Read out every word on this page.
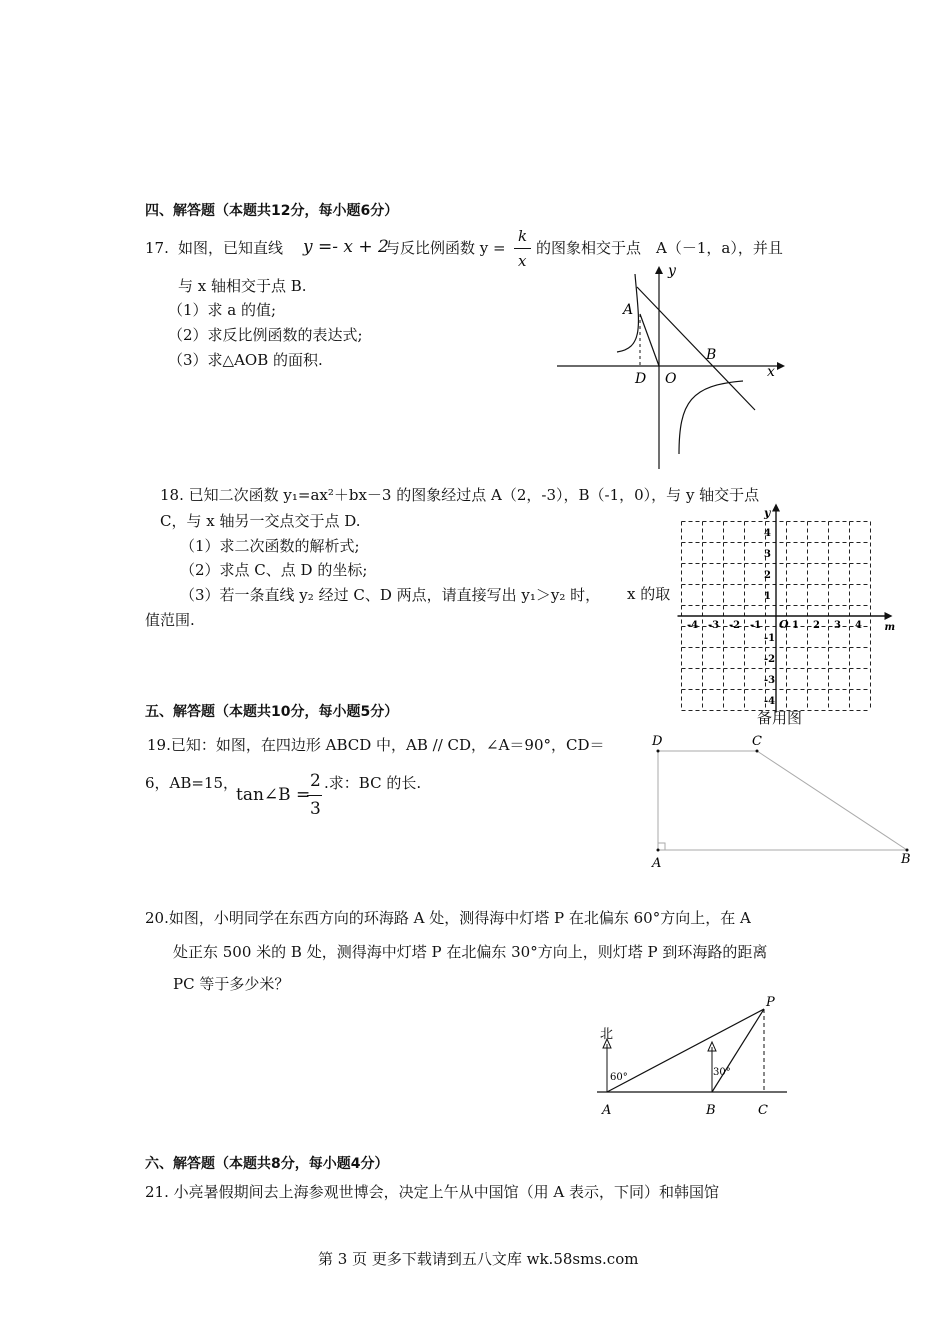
四、解答题（本题共12分，每小题6分）
17. 如图，已知直线 y =- x + 2
与反比例函数 y =
k
x
的图象相交于点 A（－1，a），并且
与 x 轴相交于点 B.
（1）求 a 的值;
（2）求反比例函数的表达式;
（3）求△AOB 的面积.
A
B
D O	x
y
18. 已知二次函数 y₁=ax²＋bx－3 的图象经过点 A（2，-3），B（-1，0），与 y 轴交于点
C，与 x 轴另一交点交于点 D.
（1）求二次函数的解析式;
（2）求点 C、点 D 的坐标;
（3）若一条直线 y₂ 经过 C、D 两点，请直接写出 y₁＞y₂ 时， x 的取
值范围.	-4 -3 -2 -1	1 2 3 4
4
3
2
1
-1
-2
-3
-4
O	m
y
备用图
五、解答题（本题共10分，每小题5分）
19.已知：如图，在四边形 ABCD 中，AB // CD，∠A＝90°，CD＝
6，AB=15，
tan∠B =
2
3
.求：BC 的长.
D	C
A	B
20.如图，小明同学在东西方向的环海路 A 处，测得海中灯塔 P 在北偏东 60°方向上，在 A
处正东 500 米的 B 处，测得海中灯塔 P 在北偏东 30°方向上，则灯塔 P 到环海路的距离
PC 等于多少米？
北
60°	30°
A	B	C
P
六、解答题（本题共8分，每小题4分）
21. 小亮暑假期间去上海参观世博会，决定上午从中国馆（用 A 表示，下同）和韩国馆
第 3 页 更多下载请到五八文库 wk.58sms.com
